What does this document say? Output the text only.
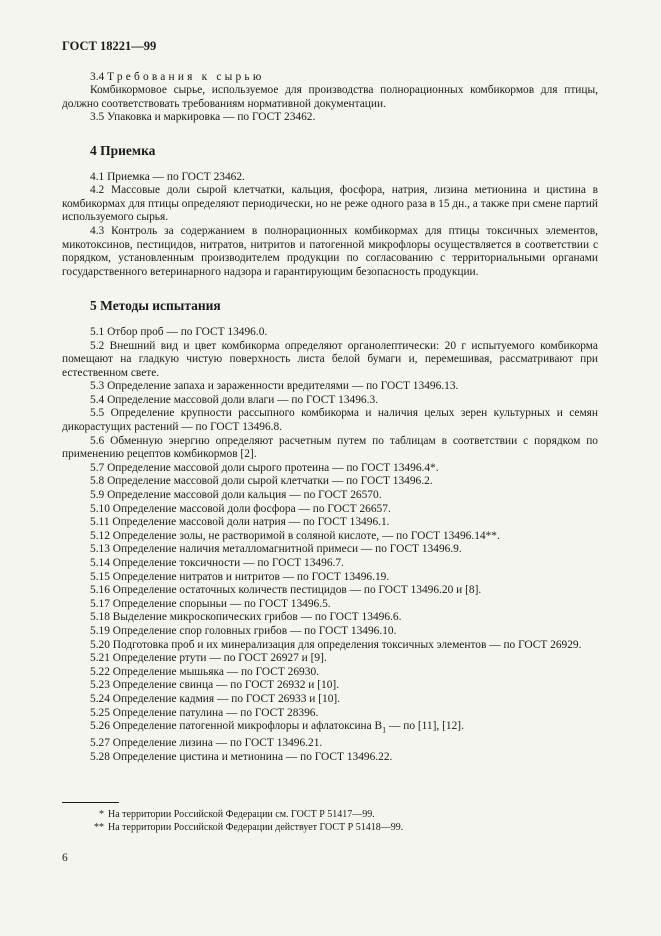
ГОСТ 18221—99

3.4 Требования к сырью

Комбикормовое сырье, используемое для производства полнорационных комбикормов для птицы, должно соответствовать требованиям нормативной документации.

3.5 Упаковка и маркировка — по ГОСТ 23462.

4 Приемка

4.1 Приемка — по ГОСТ 23462.

4.2 Массовые доли сырой клетчатки, кальция, фосфора, натрия, лизина метионина и цистина в комбикормах для птицы определяют периодически, но не реже одного раза в 15 дн., а также при смене партий используемого сырья.

4.3 Контроль за содержанием в полнорационных комбикормах для птицы токсичных элементов, микотоксинов, пестицидов, нитратов, нитритов и патогенной микрофлоры осуществляется в соответствии с порядком, установленным производителем продукции по согласованию с территориальными органами государственного ветеринарного надзора и гарантирующим безопасность продукции.

5 Методы испытания

5.1 Отбор проб — по ГОСТ 13496.0.

5.2 Внешний вид и цвет комбикорма определяют органолептически: 20 г испытуемого комбикорма помещают на гладкую чистую поверхность листа белой бумаги и, перемешивая, рассматривают при естественном свете.

5.3 Определение запаха и зараженности вредителями — по ГОСТ 13496.13.

5.4 Определение массовой доли влаги — по ГОСТ 13496.3.

5.5 Определение крупности рассыпного комбикорма и наличия целых зерен культурных и семян дикорастущих растений — по ГОСТ 13496.8.

5.6 Обменную энергию определяют расчетным путем по таблицам в соответствии с порядком по применению рецептов комбикормов [2].

5.7 Определение массовой доли сырого протеина — по ГОСТ 13496.4*.

5.8 Определение массовой доли сырой клетчатки — по ГОСТ 13496.2.

5.9 Определение массовой доли кальция — по ГОСТ 26570.

5.10 Определение массовой доли фосфора — по ГОСТ 26657.

5.11 Определение массовой доли натрия — по ГОСТ 13496.1.

5.12 Определение золы, не растворимой в соляной кислоте, — по ГОСТ 13496.14**.

5.13 Определение наличия металломагнитной примеси — по ГОСТ 13496.9.

5.14 Определение токсичности — по ГОСТ 13496.7.

5.15 Определение нитратов и нитритов — по ГОСТ 13496.19.

5.16 Определение остаточных количеств пестицидов — по ГОСТ 13496.20 и [8].

5.17 Определение спорыньи — по ГОСТ 13496.5.

5.18 Выделение микроскопических грибов — по ГОСТ 13496.6.

5.19 Определение спор головных грибов — по ГОСТ 13496.10.

5.20 Подготовка проб и их минерализация для определения токсичных элементов — по ГОСТ 26929.

5.21 Определение ртути — по ГОСТ 26927 и [9].

5.22 Определение мышьяка — по ГОСТ 26930.

5.23 Определение свинца — по ГОСТ 26932 и [10].

5.24 Определение кадмия — по ГОСТ 26933 и [10].

5.25 Определение патулина — по ГОСТ 28396.

5.26 Определение патогенной микрофлоры и афлатоксина $B_1$ — по [11], [12].

5.27 Определение лизина — по ГОСТ 13496.21.

5.28 Определение цистина и метионина — по ГОСТ 13496.22.

* На территории Российской Федерации см. ГОСТ Р 51417—99.

** На территории Российской Федерации действует ГОСТ Р 51418—99.

6
